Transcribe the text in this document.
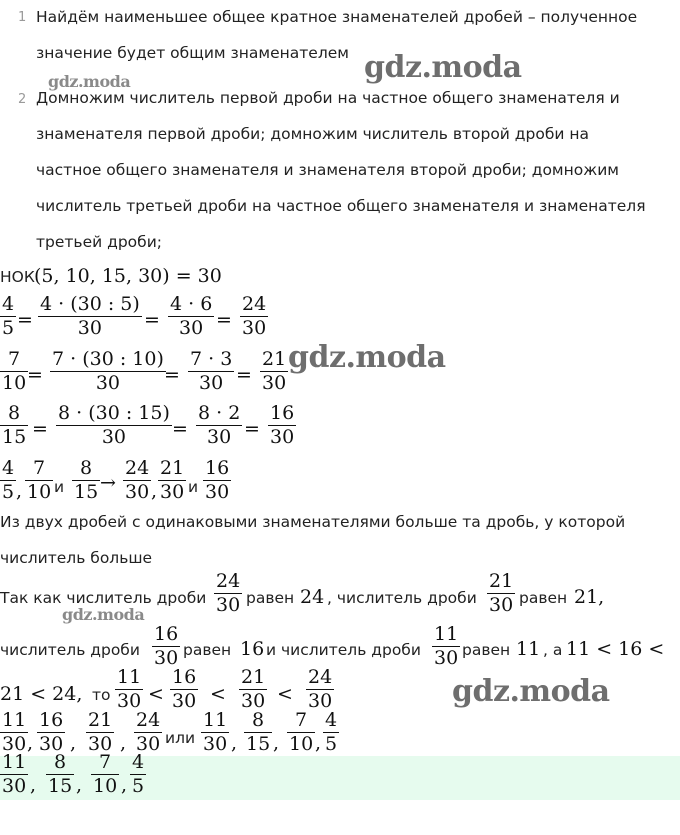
1 Найдём наименьшее общее кратное знаменателей дробей – полученное
значение будет общим знаменателем
gdz.moda	gdz.moda
2 Домножим числитель первой дроби на частное общего знаменателя и
знаменателя первой дроби; домножим числитель второй дроби на
частное общего знаменателя и знаменателя второй дроби; домножим
числитель третьей дроби на частное общего знаменателя и знаменателя
третьей дроби;
НОК (5, 10, 15, 30) = 30
4
5 =
4 · (30 : 5)
30 =
4 · 6
30 =
24
30
7
10 =
7 · (30 : 10)
30 =
7 · 3
30 =
21
30
gdz.moda
8
15 =
8 · (30 : 15)
30 =
8 · 2
30 =
16
30
4
5 ,
7
10 и
8
15 →
24
30 ,
21
30 и
16
30
Из двух дробей с одинаковыми знаменателями больше та дробь, у которой
числитель больше
Так как числитель дроби
24
30 равен 24 , числитель дроби
21
30 равен 21,
gdz.moda
числитель дроби
16
30 равен 16 и числитель дроби
11
30 равен 11 , а 11 < 16 <
21 < 24, то
11
30 <
16
30 <
21
30 <
24
30	gdz.moda
11
30 ,
16
30 ,
21
30 ,
24
30 или
11
30 ,
8
15 ,
7
10 ,
4
5
11
30 ,
8
15 ,
7
10 ,
4
5
